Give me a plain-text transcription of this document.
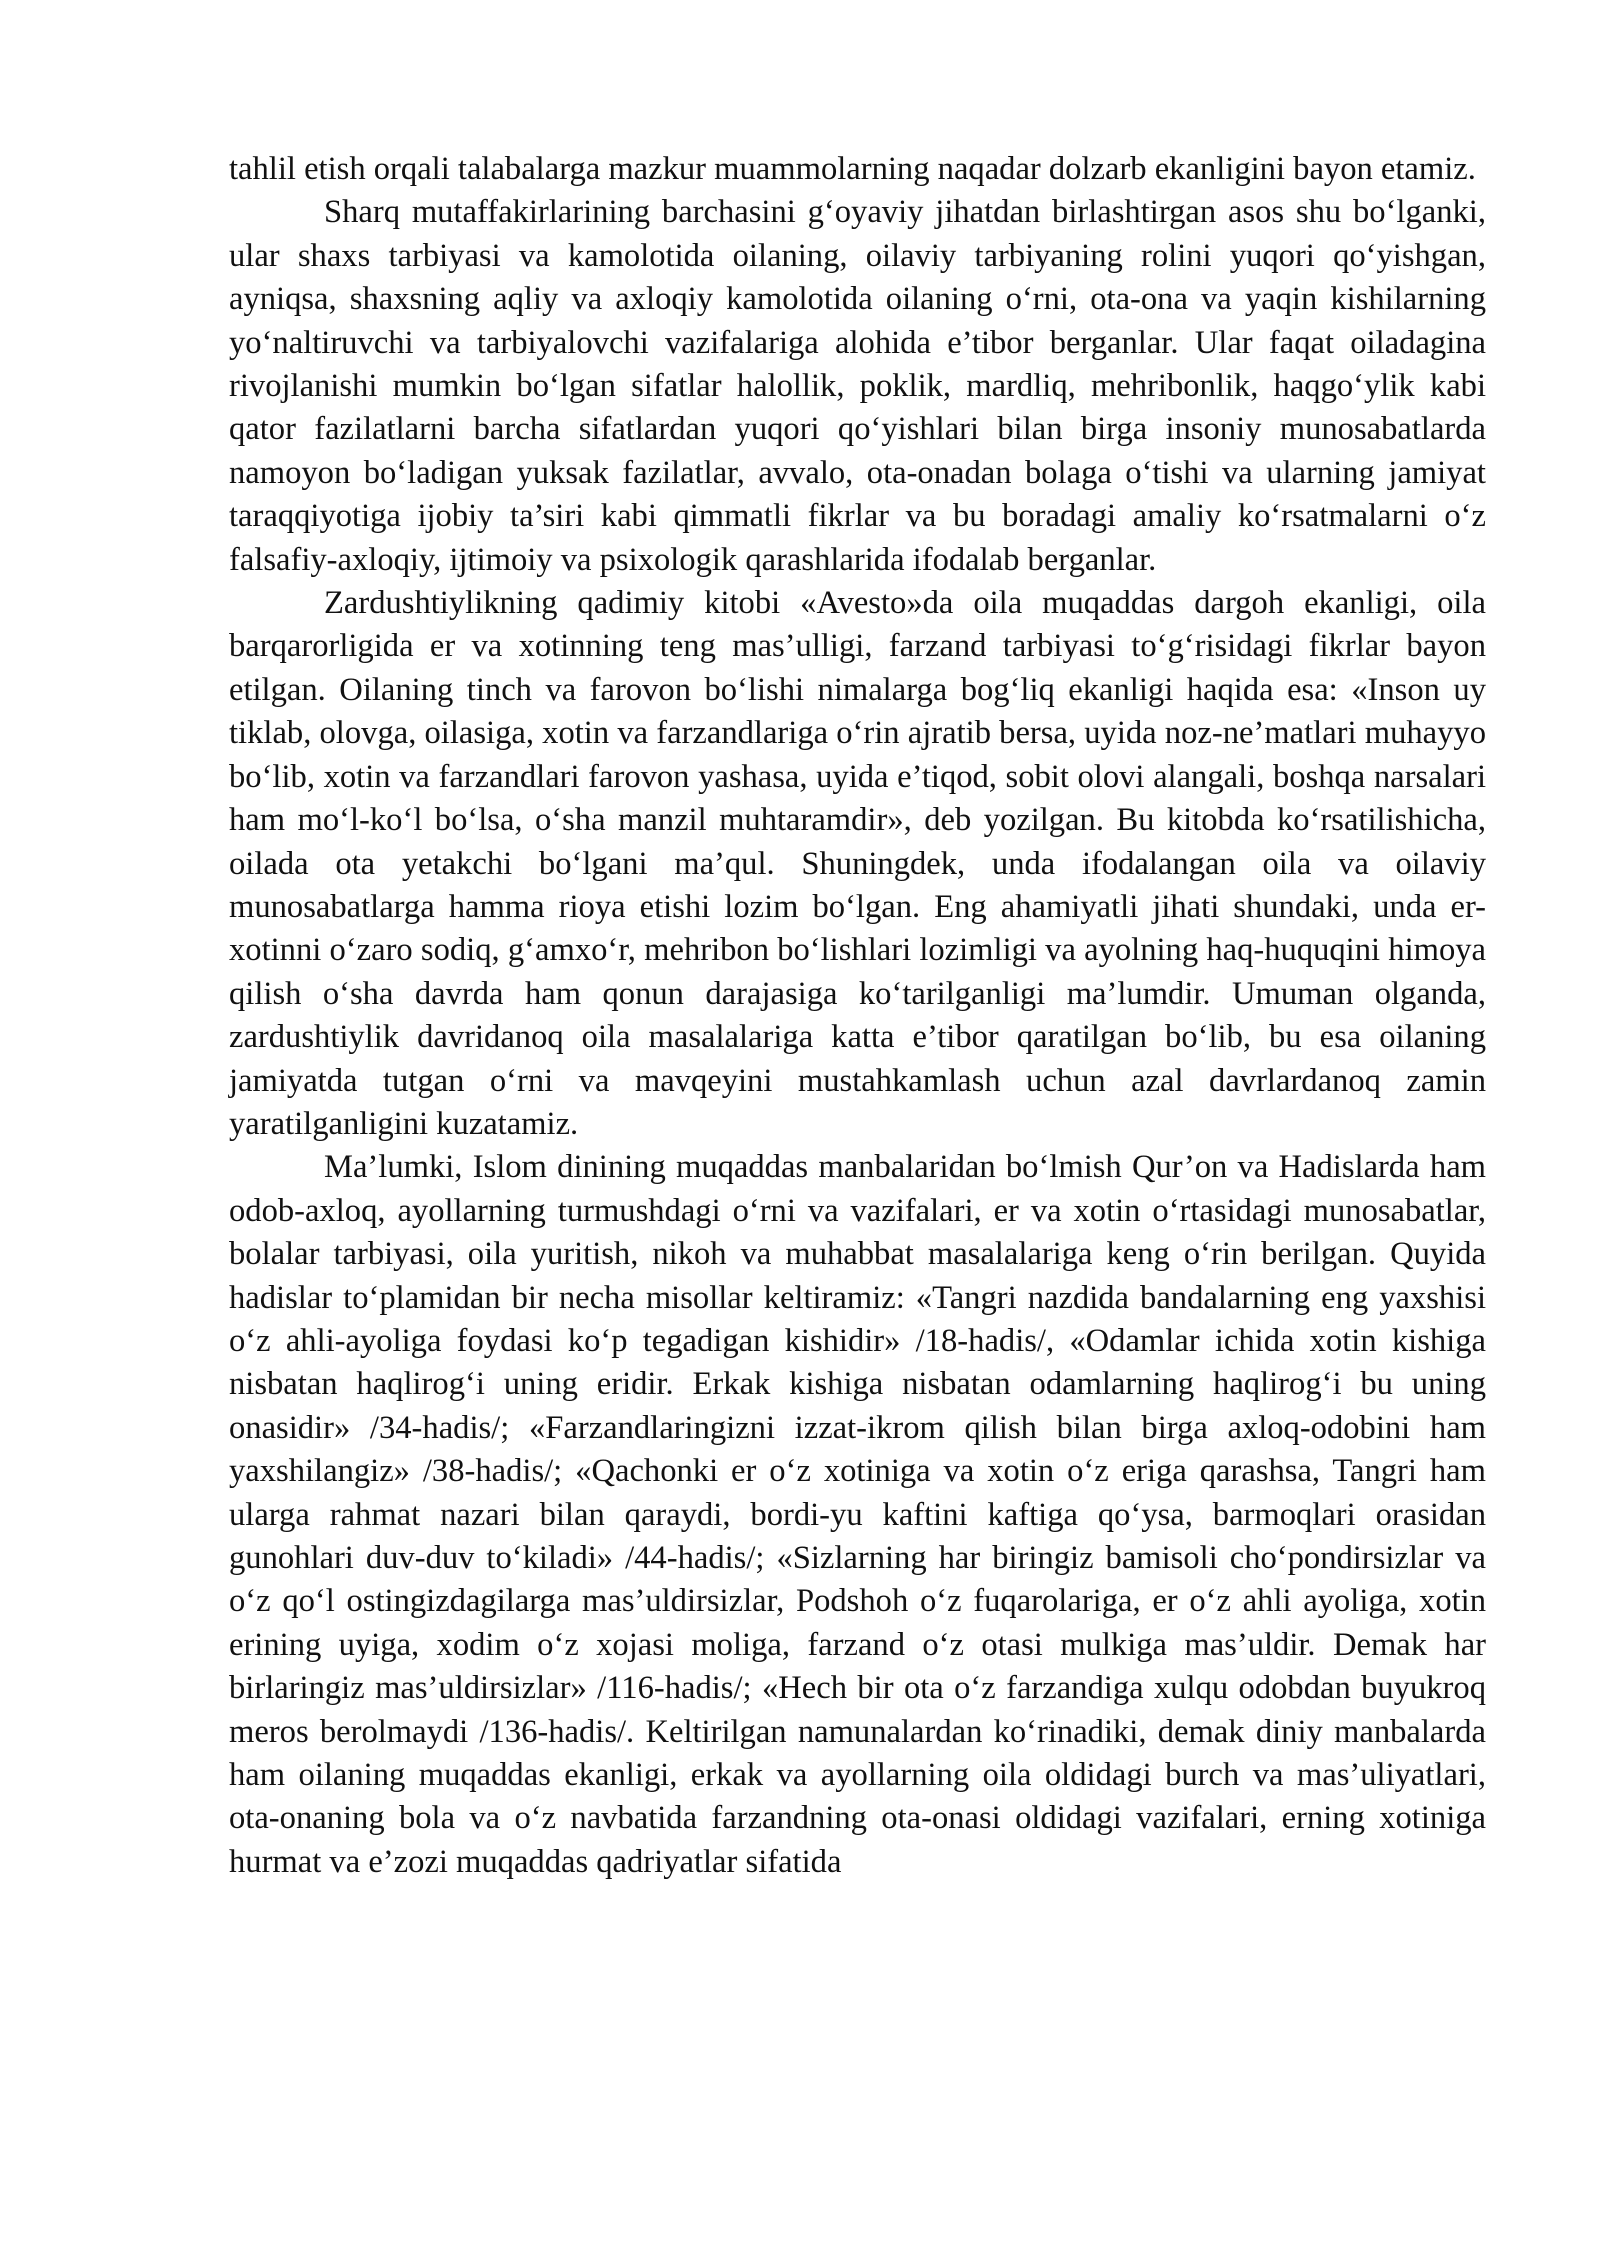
tahlil etish orqali talabalarga mazkur muammolarning naqadar dolzarb ekanligini bayon etamiz.

Sharq mutaffakirlarining barchasini g‘oyaviy jihatdan birlashtirgan asos shu bo‘lganki, ular shaxs tarbiyasi va kamolotida oilaning, oilaviy tarbiyaning rolini yuqori qo‘yishgan, ayniqsa, shaxsning aqliy va axloqiy kamolotida oilaning o‘rni, ota-ona va yaqin kishilarning yo‘naltiruvchi va tarbiyalovchi vazifalariga alohida e’tibor berganlar. Ular faqat oiladagina rivojlanishi mumkin bo‘lgan sifatlar halollik, poklik, mardliq, mehribonlik, haqgo‘ylik kabi qator fazilatlarni barcha sifatlardan yuqori qo‘yishlari bilan birga insoniy munosabatlarda namoyon bo‘ladigan yuksak fazilatlar, avvalo, ota-onadan bolaga o‘tishi va ularning jamiyat taraqqiyotiga ijobiy ta’siri kabi qimmatli fikrlar va bu boradagi amaliy ko‘rsatmalarni o‘z falsafiy-axloqiy, ijtimoiy va psixologik qarashlarida ifodalab berganlar.

Zardushtiylikning qadimiy kitobi «Avesto»da oila muqaddas dargoh ekanligi, oila barqarorligida er va xotinning teng mas’ulligi, farzand tarbiyasi to‘g‘risidagi fikrlar bayon etilgan. Oilaning tinch va farovon bo‘lishi nimalarga bog‘liq ekanligi haqida esa: «Inson uy tiklab, olovga, oilasiga, xotin va farzandlariga o‘rin ajratib bersa, uyida noz-ne’matlari muhayyo bo‘lib, xotin va farzandlari farovon yashasa, uyida e’tiqod, sobit olovi alangali, boshqa narsalari ham mo‘l-ko‘l bo‘lsa, o‘sha manzil muhtaramdir», deb yozilgan. Bu kitobda ko‘rsatilishicha, oilada ota yetakchi bo‘lgani ma’qul. Shuningdek, unda ifodalangan oila va oilaviy munosabatlarga hamma rioya etishi lozim bo‘lgan. Eng ahamiyatli jihati shundaki, unda er-xotinni o‘zaro sodiq, g‘amxo‘r, mehribon bo‘lishlari lozimligi va ayolning haq-huquqini himoya qilish o‘sha davrda ham qonun darajasiga ko‘tarilganligi ma’lumdir. Umuman olganda, zardushtiylik davridanoq oila masalalariga katta e’tibor qaratilgan bo‘lib, bu esa oilaning jamiyatda tutgan o‘rni va mavqeyini mustahkamlash uchun azal davrlardanoq zamin yaratilganligini kuzatamiz.

Ma’lumki, Islom dinining muqaddas manbalaridan bo‘lmish Qur’on va Hadislarda ham odob-axloq, ayollarning turmushdagi o‘rni va vazifalari, er va xotin o‘rtasidagi munosabatlar, bolalar tarbiyasi, oila yuritish, nikoh va muhabbat masalalariga keng o‘rin berilgan. Quyida hadislar to‘plamidan bir necha misollar keltiramiz: «Tangri nazdida bandalarning eng yaxshisi o‘z ahli-ayoliga foydasi ko‘p tegadigan kishidir» /18-hadis/, «Odamlar ichida xotin kishiga nisbatan haqlirog‘i uning eridir. Erkak kishiga nisbatan odamlarning haqlirog‘i bu uning onasidir» /34-hadis/; «Farzandlaringizni izzat-ikrom qilish bilan birga axloq-odobini ham yaxshilangiz» /38-hadis/; «Qachonki er o‘z xotiniga va xotin o‘z eriga qarashsa, Tangri ham ularga rahmat nazari bilan qaraydi, bordi-yu kaftini kaftiga qo‘ysa, barmoqlari orasidan gunohlari duv-duv to‘kiladi» /44-hadis/; «Sizlarning har biringiz bamisoli cho‘pondirsizlar va o‘z qo‘l ostingizdagilarga mas’uldirsizlar, Podshoh o‘z fuqarolariga, er o‘z ahli ayoliga, xotin erining uyiga, xodim o‘z xojasi moliga, farzand o‘z otasi mulkiga mas’uldir. Demak har birlaringiz mas’uldirsizlar» /116-hadis/; «Hech bir ota o‘z farzandiga xulqu odobdan buyukroq meros berolmaydi /136-hadis/. Keltirilgan namunalardan ko‘rinadiki, demak diniy manbalarda ham oilaning muqaddas ekanligi, erkak va ayollarning oila oldidagi burch va mas’uliyatlari, ota-onaning bola va o‘z navbatida farzandning ota-onasi oldidagi vazifalari, erning xotiniga hurmat va e’zozi muqaddas qadriyatlar sifatida
